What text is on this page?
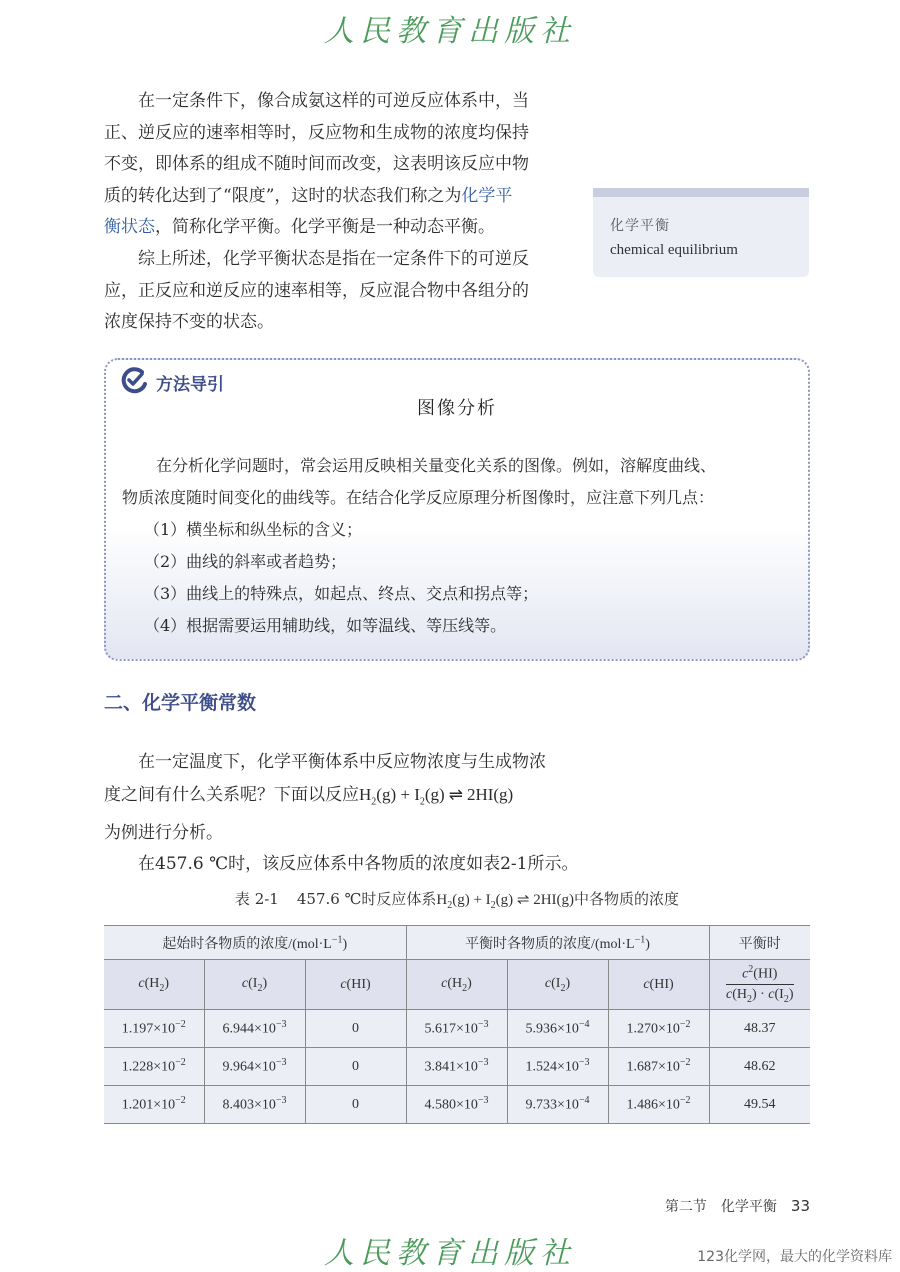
人民教育出版社
在一定条件下，像合成氨这样的可逆反应体系中，当
正、逆反应的速率相等时，反应物和生成物的浓度均保持
不变，即体系的组成不随时间而改变，这表明该反应中物
质的转化达到了“限度”，这时的状态我们称之为化学平
衡状态，简称化学平衡。化学平衡是一种动态平衡。
综上所述，化学平衡状态是指在一定条件下的可逆反
应，正反应和逆反应的速率相等，反应混合物中各组分的
浓度保持不变的状态。
化学平衡
chemical equilibrium
方法导引
图像分析
在分析化学问题时，常会运用反映相关量变化关系的图像。例如，溶解度曲线、
物质浓度随时间变化的曲线等。在结合化学反应原理分析图像时，应注意下列几点：
（1）横坐标和纵坐标的含义；
（2）曲线的斜率或者趋势；
（3）曲线上的特殊点，如起点、终点、交点和拐点等；
（4）根据需要运用辅助线，如等温线、等压线等。
二、化学平衡常数
在一定温度下，化学平衡体系中反应物浓度与生成物浓
度之间有什么关系呢？下面以反应$H_2(g) + I_2(g)$ ⇌ 2HI(g)
为例进行分析。
在457.6 ℃时，该反应体系中各物质的浓度如表2-1所示。
表 2-1 457.6 ℃时反应体系$H_2(g) + I_2(g)$ ⇌ 2HI(g)中各物质的浓度
起始时各物质的浓度$/(mol\cdot L^{-1})$			平衡时各物质的浓度$/(mol\cdot L^{-1})$			平衡时
$c(H_2)$	$c(I_2)$	c(HI)	$c(H_2)$	$c(I_2)$	c(HI)	$\frac{c^2(HI)}{c(H_2) \cdot c(I_2)}$

$1.197\times 10^{-2}$	$6.944\times 10^{-3}$	0	$5.617\times 10^{-3}$	$5.936\times 10^{-4}$	$1.270\times 10^{-2}$	48.37
$1.228\times 10^{-2}$	$9.964\times 10^{-3}$	0	$3.841\times 10^{-3}$	$1.524\times 10^{-3}$	$1.687\times 10^{-2}$	48.62
$1.201\times 10^{-2}$	$8.403\times 10^{-3}$	0	$4.580\times 10^{-3}$	$9.733\times 10^{-4}$	$1.486\times 10^{-2}$	49.54
第二节　化学平衡 33
人民教育出版社	123化学网，最大的化学资料库
